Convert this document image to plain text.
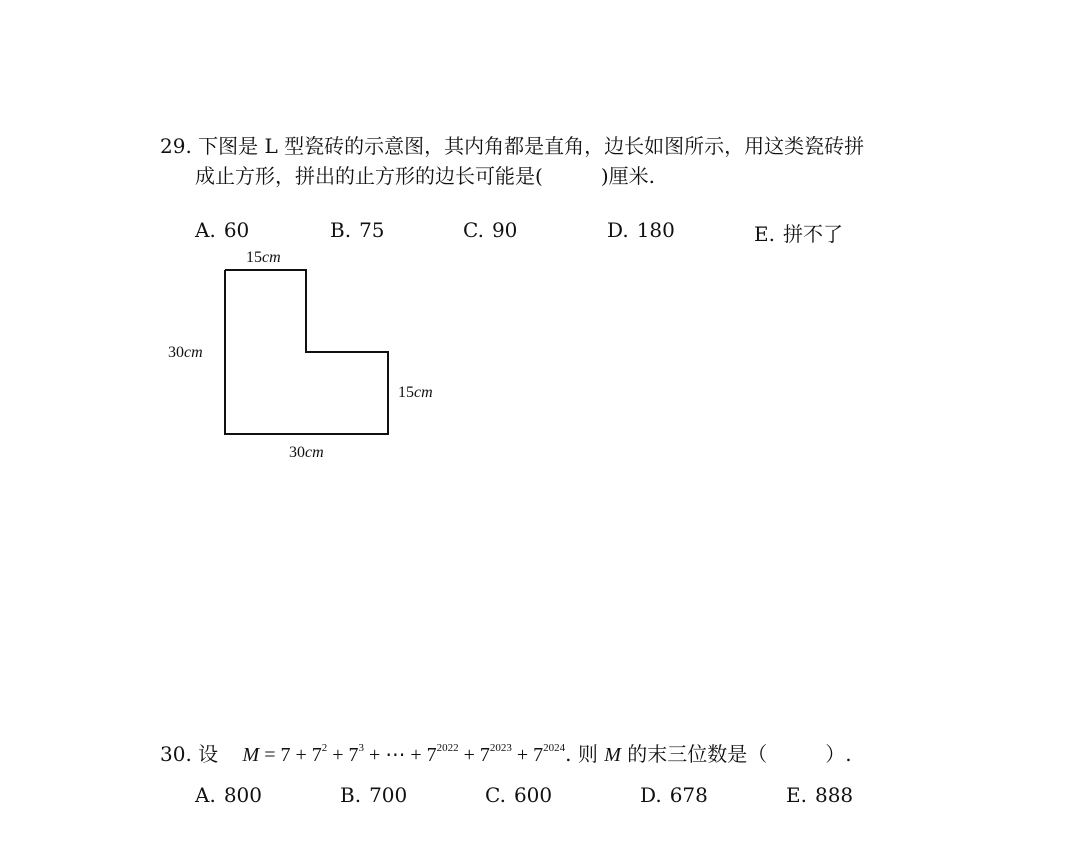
29. 下图是 L 型瓷砖的示意图，其内角都是直角，边长如图所示，用这类瓷砖拼
成止方形，拼出的止方形的边长可能是(	)厘米.
A. 60	B. 75	C. 90	D. 180	E. 拼不了
15cm
30cm
15cm
30cm
30. 设 $M = 7 + 7^2 + 7^3$ + ⋯ + $7^{2022} + 7^{2023} + 7^{2024}$. 则 M 的末三位数是（	）.
A. 800	B. 700	C. 600	D. 678	E. 888
